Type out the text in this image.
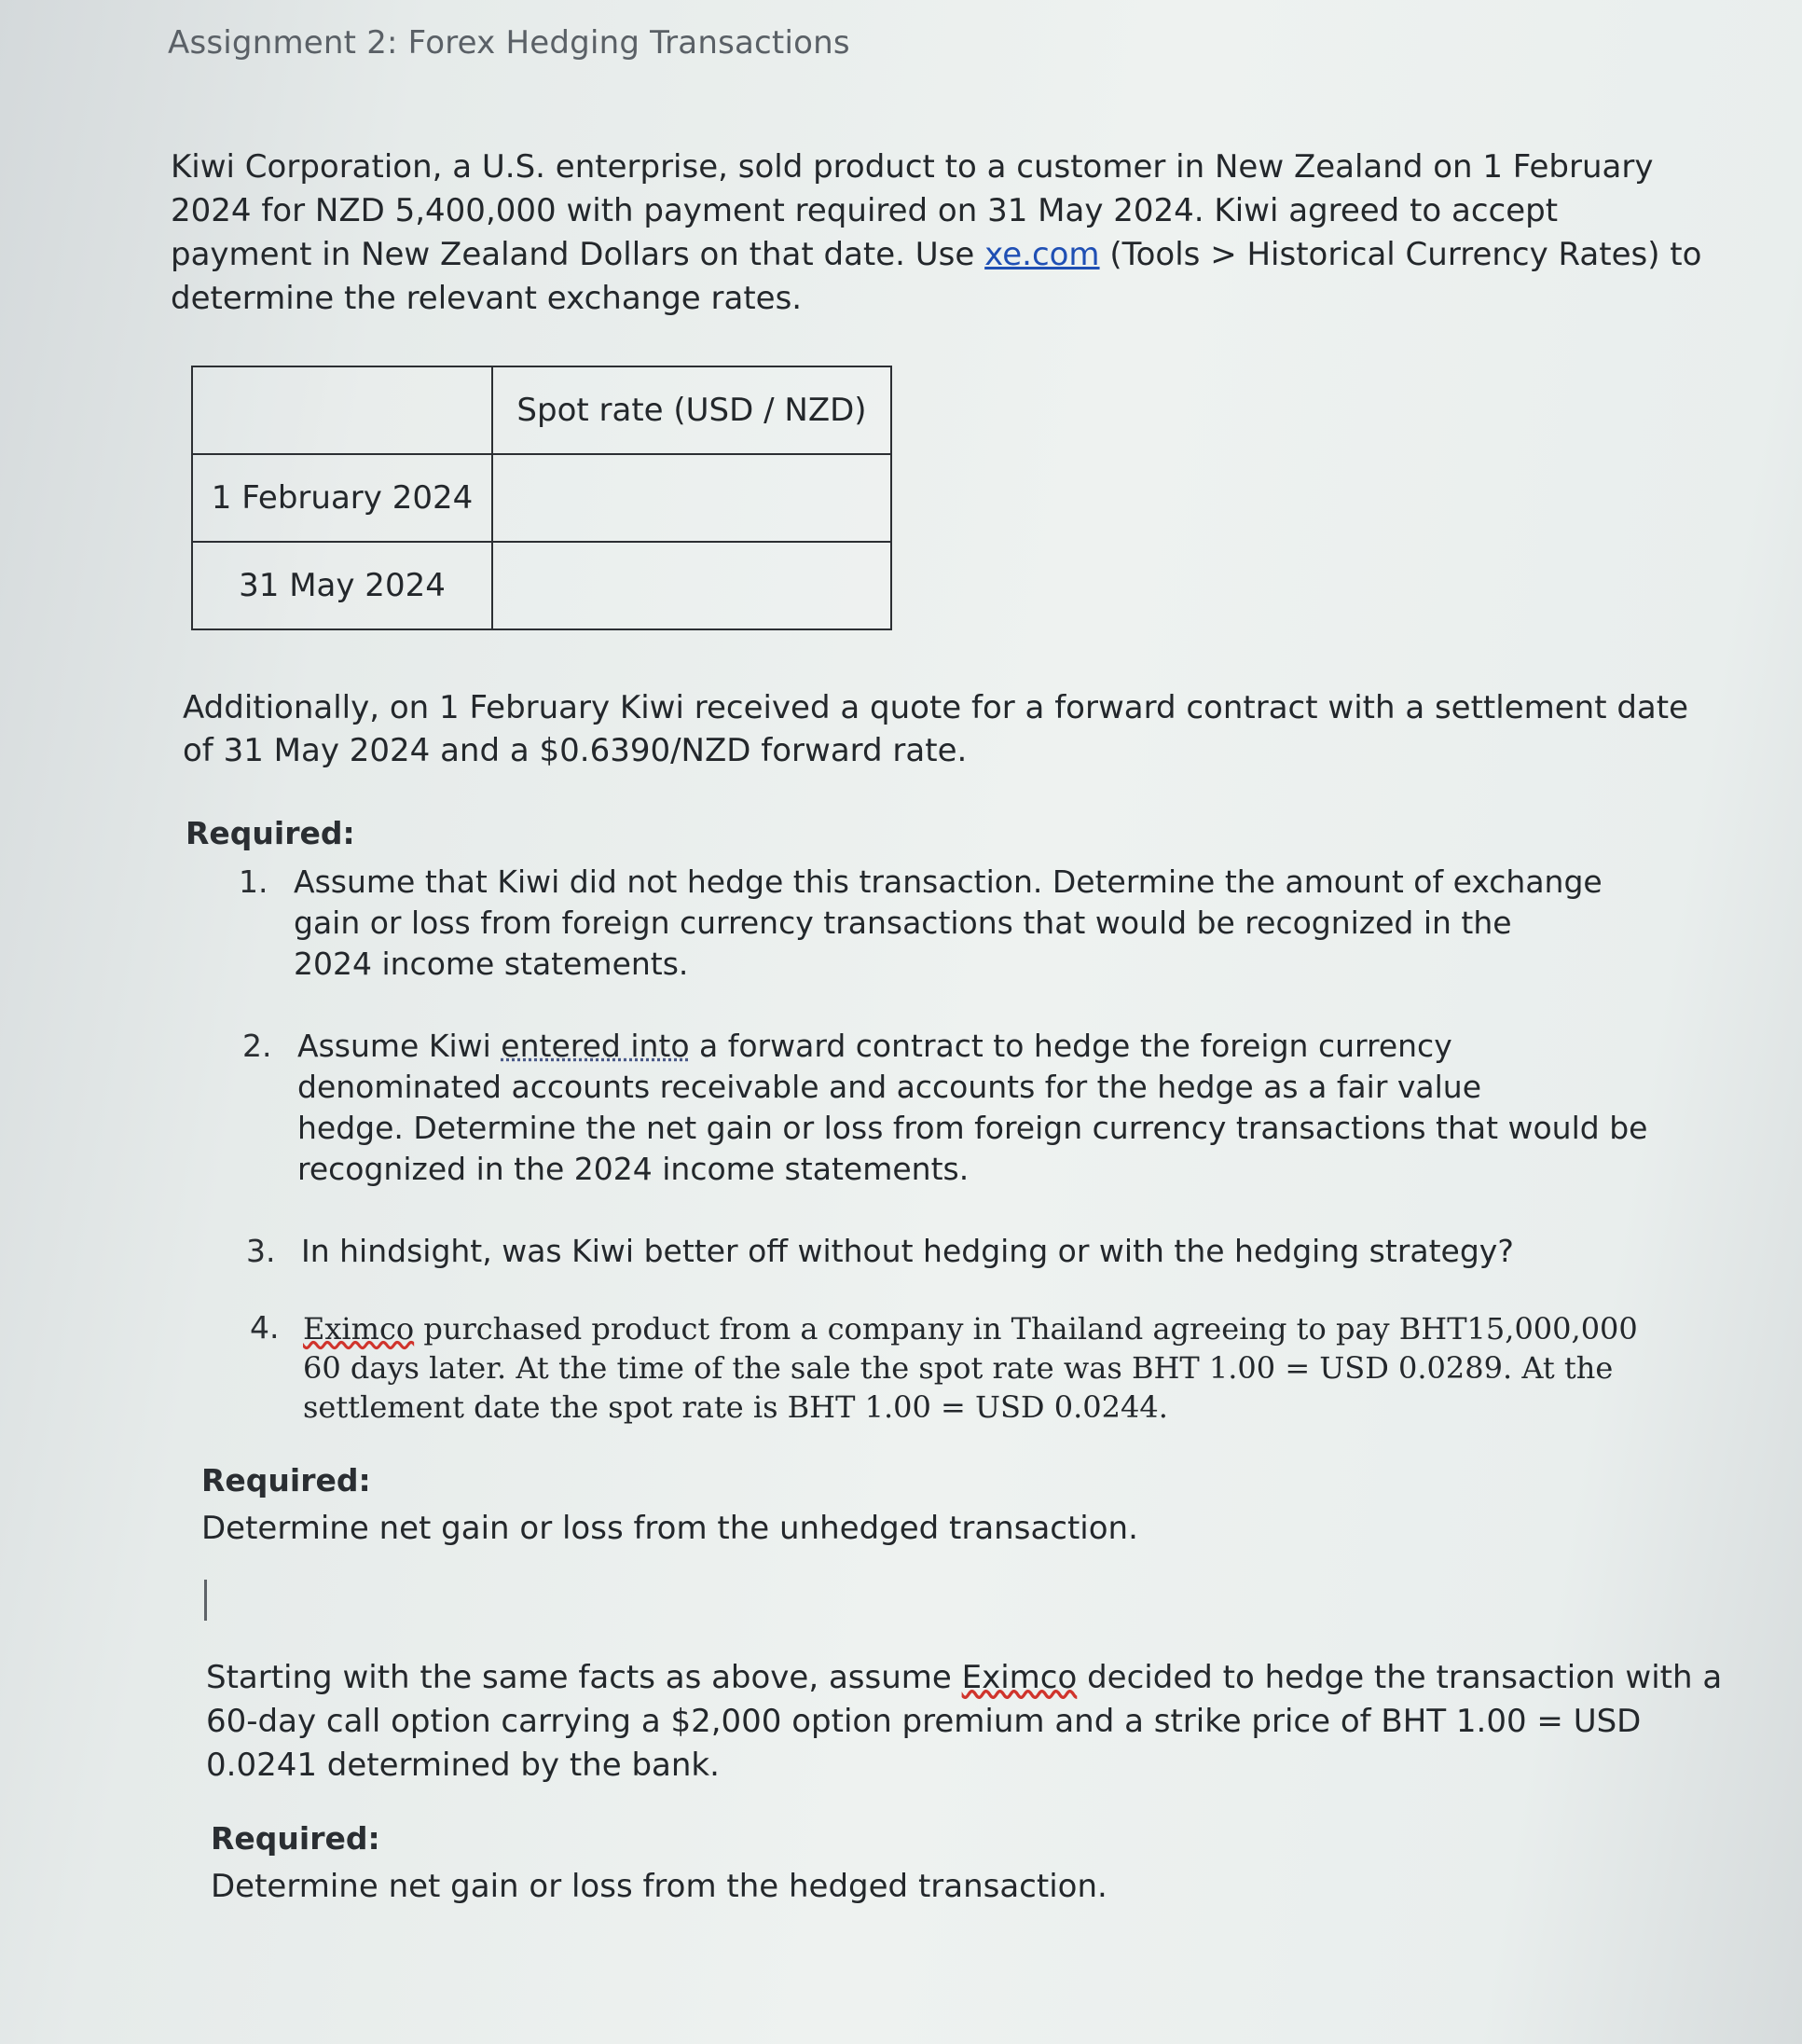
Assignment 2: Forex Hedging Transactions
Kiwi Corporation, a U.S. enterprise, sold product to a customer in New Zealand on 1 February
2024 for NZD 5,400,000 with payment required on 31 May 2024. Kiwi agreed to accept
payment in New Zealand Dollars on that date. Use xe.com (Tools > Historical Currency Rates) to
determine the relevant exchange rates.
	Spot rate (USD / NZD)
1 February 2024	
31 May 2024	
Additionally, on 1 February Kiwi received a quote for a forward contract with a settlement date
of 31 May 2024 and a $0.6390/NZD forward rate.
Required:
1. Assume that Kiwi did not hedge this transaction. Determine the amount of exchange
gain or loss from foreign currency transactions that would be recognized in the
2024 income statements.
2. Assume Kiwi entered into a forward contract to hedge the foreign currency
denominated accounts receivable and accounts for the hedge as a fair value
hedge. Determine the net gain or loss from foreign currency transactions that would be
recognized in the 2024 income statements.
3. In hindsight, was Kiwi better off without hedging or with the hedging strategy?
4. Eximco purchased product from a company in Thailand agreeing to pay BHT15,000,000
60 days later. At the time of the sale the spot rate was BHT 1.00 = USD 0.0289. At the
settlement date the spot rate is BHT 1.00 = USD 0.0244.
Required:
Determine net gain or loss from the unhedged transaction.
Starting with the same facts as above, assume Eximco decided to hedge the transaction with a
60-day call option carrying a $2,000 option premium and a strike price of BHT 1.00 = USD
0.0241 determined by the bank.
Required:
Determine net gain or loss from the hedged transaction.
